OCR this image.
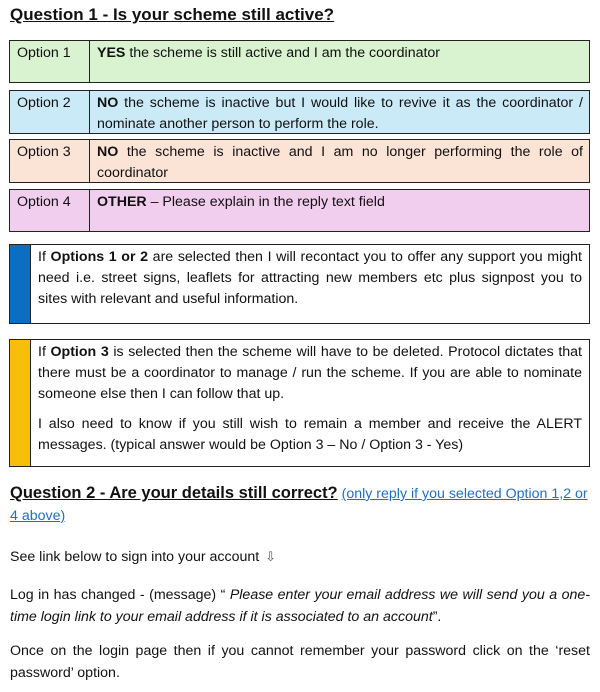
Question 1 - Is your scheme still active?
Option 1	YES the scheme is still active and I am the coordinator
Option 2	NO the scheme is inactive but I would like to revive it as the coordinator / nominate another person to perform the role.
Option 3	NO the scheme is inactive and I am no longer performing the role of coordinator
Option 4	OTHER – Please explain in the reply text field

If Options 1 or 2 are selected then I will recontact you to offer any support you might need i.e. street signs, leaflets for attracting new members etc plus signpost you to sites with relevant and useful information.

If Option 3 is selected then the scheme will have to be deleted. Protocol dictates that there must be a coordinator to manage / run the scheme. If you are able to nominate someone else then I can follow that up.

I also need to know if you still wish to remain a member and receive the ALERT messages. (typical answer would be Option 3 – No / Option 3 - Yes)

Question 2 - Are your details still correct? (only reply if you selected Option 1,2 or 4 above)
See link below to sign into your account ⇩
Log in has changed - (message) “ Please enter your email address we will send you a one-time login link to your email address if it is associated to an account”.
Once on the login page then if you cannot remember your password click on the ‘reset password’ option.
